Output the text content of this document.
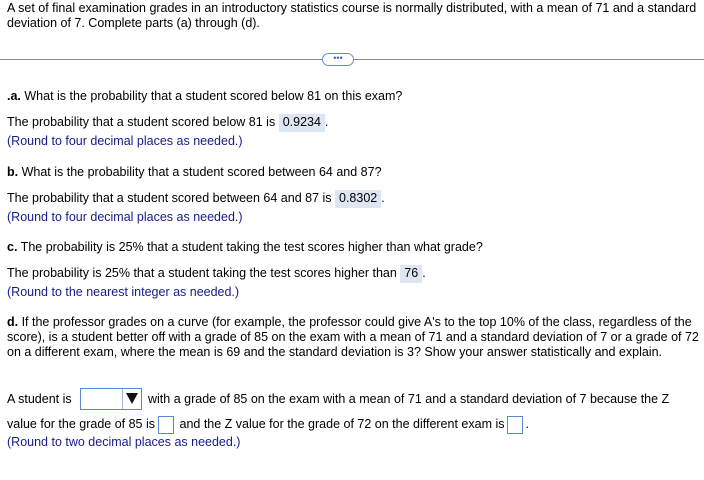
A set of final examination grades in an introductory statistics course is normally distributed, with a mean of 71 and a standard deviation of 7. Complete parts (a) through (d).
•••
.a. What is the probability that a student scored below 81 on this exam?
The probability that a student scored below 81 is 0.9234 .
(Round to four decimal places as needed.)
b. What is the probability that a student scored between 64 and 87?
The probability that a student scored between 64 and 87 is 0.8302 .
(Round to four decimal places as needed.)
c. The probability is 25% that a student taking the test scores higher than what grade?
The probability is 25% that a student taking the test scores higher than 76 .
(Round to the nearest integer as needed.)
d. If the professor grades on a curve (for example, the professor could give A's to the top 10% of the class, regardless of the score), is a student better off with a grade of 85 on the exam with a mean of 71 and a standard deviation of 7 or a grade of 72 on a different exam, where the mean is 69 and the standard deviation is 3? Show your answer statistically and explain.
A student is	with a grade of 85 on the exam with a mean of 71 and a standard deviation of 7 because the Z
value for the grade of 85 is and the Z value for the grade of 72 on the different exam is .
(Round to two decimal places as needed.)
